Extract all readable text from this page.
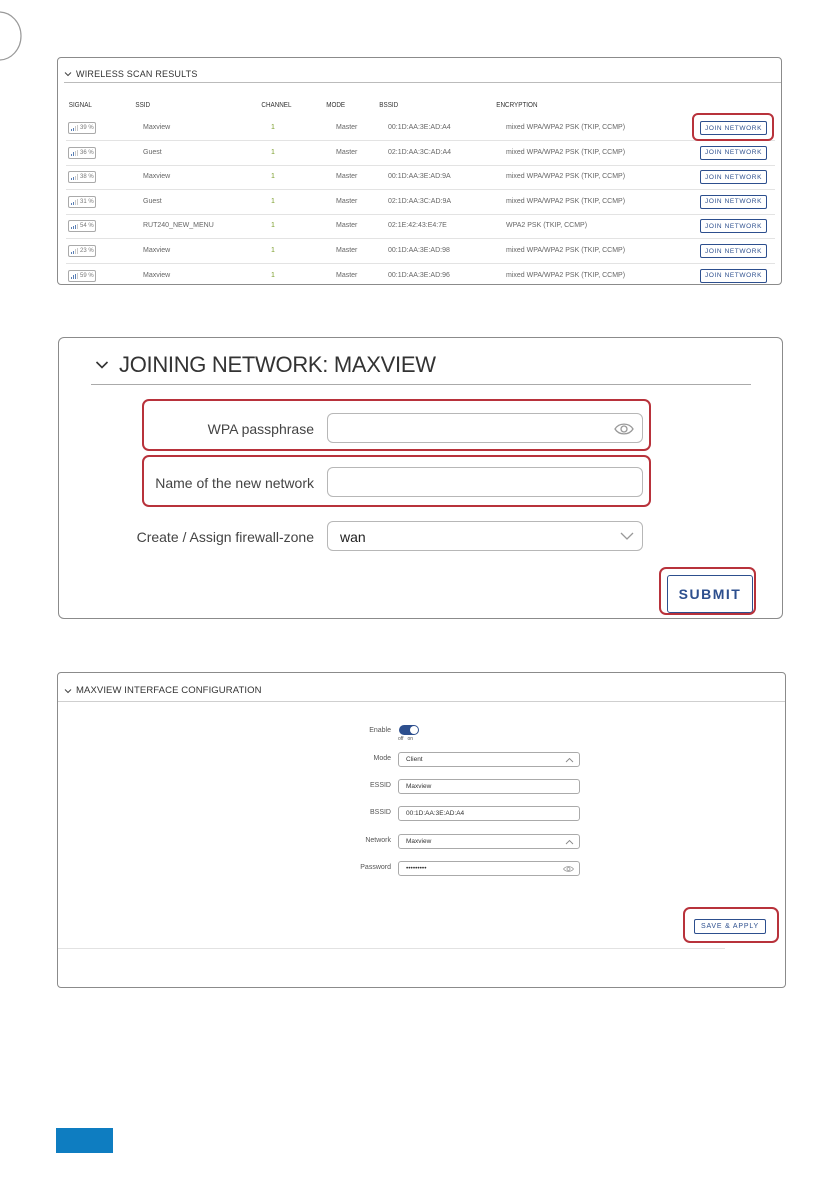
WIRELESS SCAN RESULTS
SIGNAL	SSID	CHANNEL	MODE	BSSID	ENCRYPTION
39 %	Maxview	1	Master	00:1D:AA:3E:AD:A4	mixed WPA/WPA2 PSK (TKIP, CCMP)	JOIN NETWORK
36 %	Guest	1	Master	02:1D:AA:3C:AD:A4	mixed WPA/WPA2 PSK (TKIP, CCMP)	JOIN NETWORK
38 %	Maxview	1	Master	00:1D:AA:3E:AD:9A	mixed WPA/WPA2 PSK (TKIP, CCMP)	JOIN NETWORK
31 %	Guest	1	Master	02:1D:AA:3C:AD:9A	mixed WPA/WPA2 PSK (TKIP, CCMP)	JOIN NETWORK
54 %	RUT240_NEW_MENU	1	Master	02:1E:42:43:E4:7E	WPA2 PSK (TKIP, CCMP)	JOIN NETWORK
23 %	Maxview	1	Master	00:1D:AA:3E:AD:98	mixed WPA/WPA2 PSK (TKIP, CCMP)	JOIN NETWORK
59 %	Maxview	1	Master	00:1D:AA:3E:AD:96	mixed WPA/WPA2 PSK (TKIP, CCMP)	JOIN NETWORK
JOINING NETWORK: MAXVIEW
WPA passphrase
Name of the new network
Create / Assign firewall-zone wan
SUBMIT
MAXVIEW INTERFACE CONFIGURATION
Enable
off on
Mode Client
ESSID Maxview
BSSID 00:1D:AA:3E:AD:A4
Network Maxview
Password •••••••••
SAVE & APPLY
